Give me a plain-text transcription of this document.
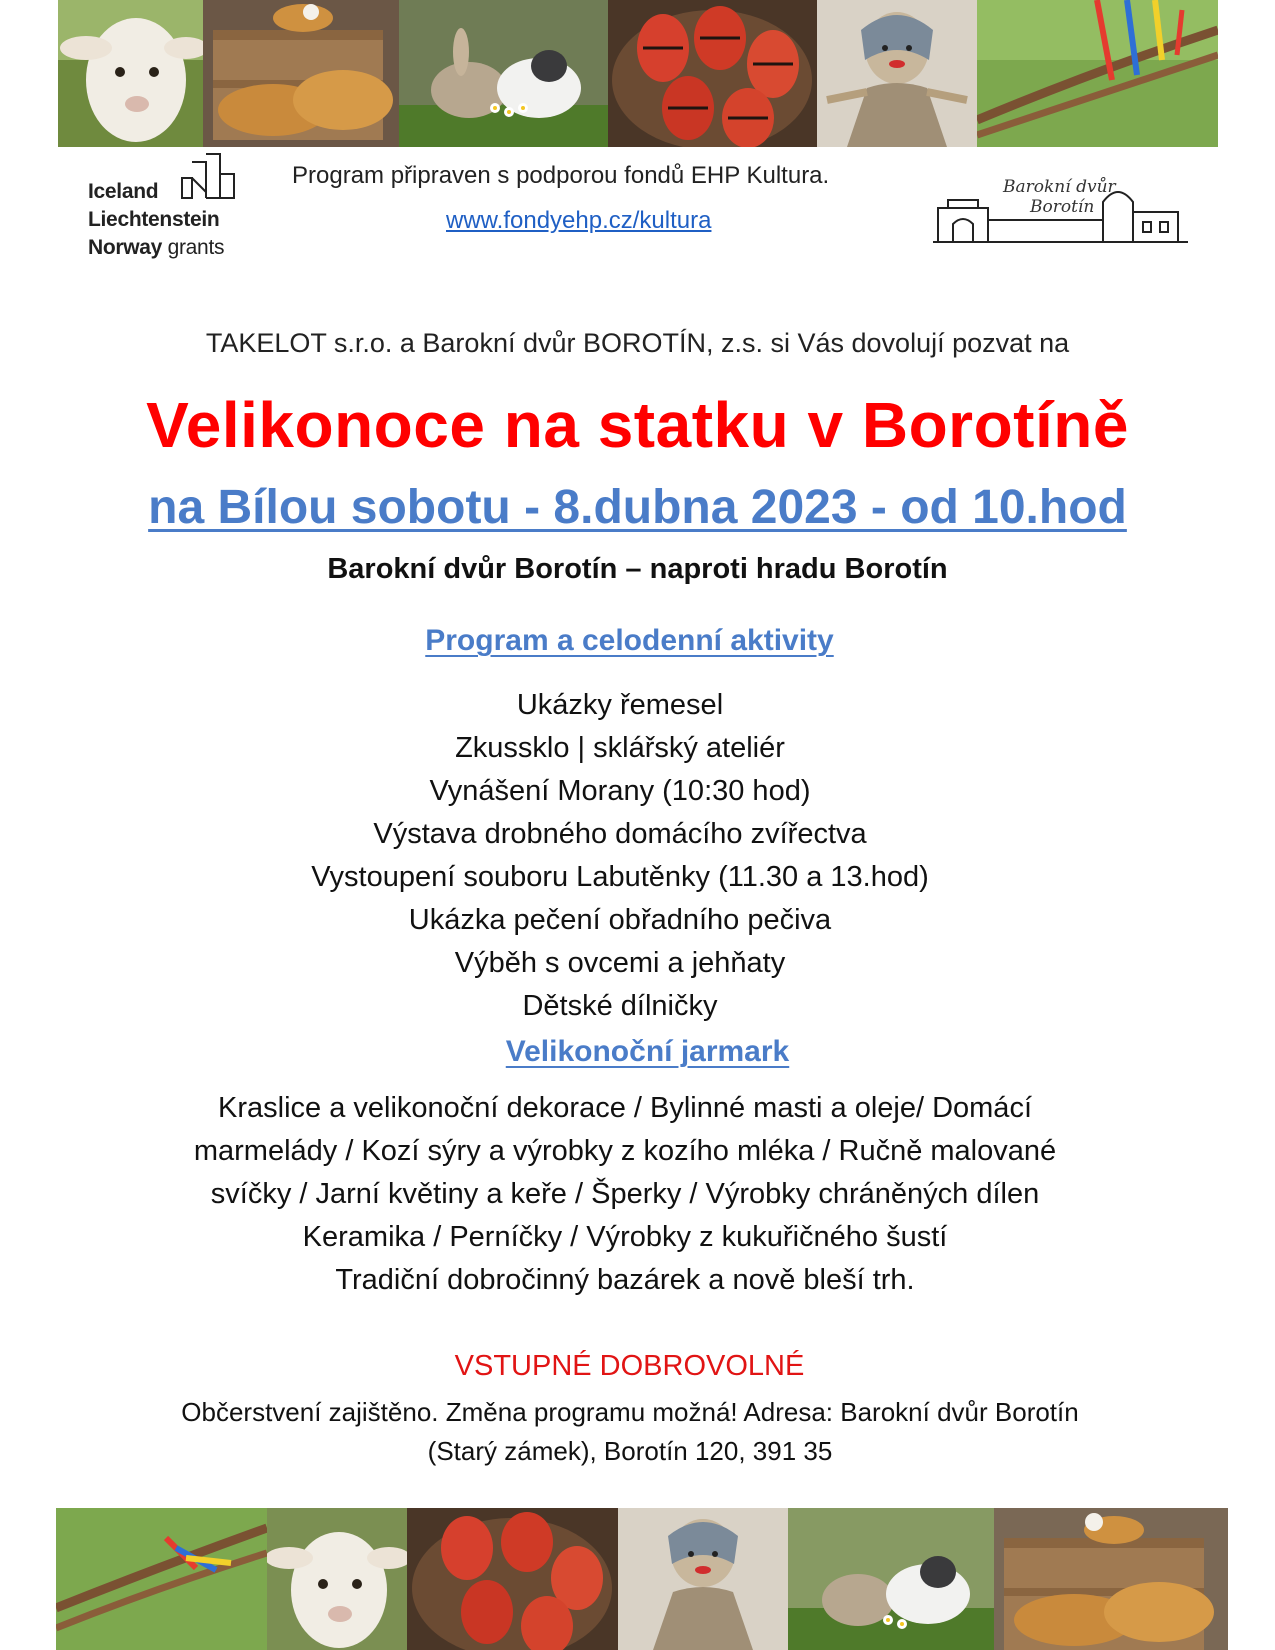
Iceland
Liechtenstein
Norway grants
Program připraven s podporou fondů EHP Kultura.
www.fondyehp.cz/kultura
Barokní dvůr
Borotín
TAKELOT s.r.o. a Barokní dvůr BOROTÍN, z.s. si Vás dovolují pozvat na
Velikonoce na statku v Borotíně
na Bílou sobotu - 8.dubna 2023 - od 10.hod
Barokní dvůr Borotín – naproti hradu Borotín
Program a celodenní aktivity
Ukázky řemesel
Zkussklo | sklářský ateliér
Vynášení Morany (10:30 hod)
Výstava drobného domácího zvířectva
Vystoupení souboru Labutěnky (11.30 a 13.hod)
Ukázka pečení obřadního pečiva
Výběh s ovcemi a jehňaty
Dětské dílničky
Velikonoční jarmark
Kraslice a velikonoční dekorace / Bylinné masti a oleje/ Domácí
marmelády / Kozí sýry a výrobky z kozího mléka / Ručně malované
svíčky / Jarní květiny a keře / Šperky / Výrobky chráněných dílen
Keramika / Perníčky / Výrobky z kukuřičného šustí
Tradiční dobročinný bazárek a nově bleší trh.
VSTUPNÉ DOBROVOLNÉ
Občerstvení zajištěno. Změna programu možná! Adresa: Barokní dvůr Borotín
(Starý zámek), Borotín 120, 391 35
